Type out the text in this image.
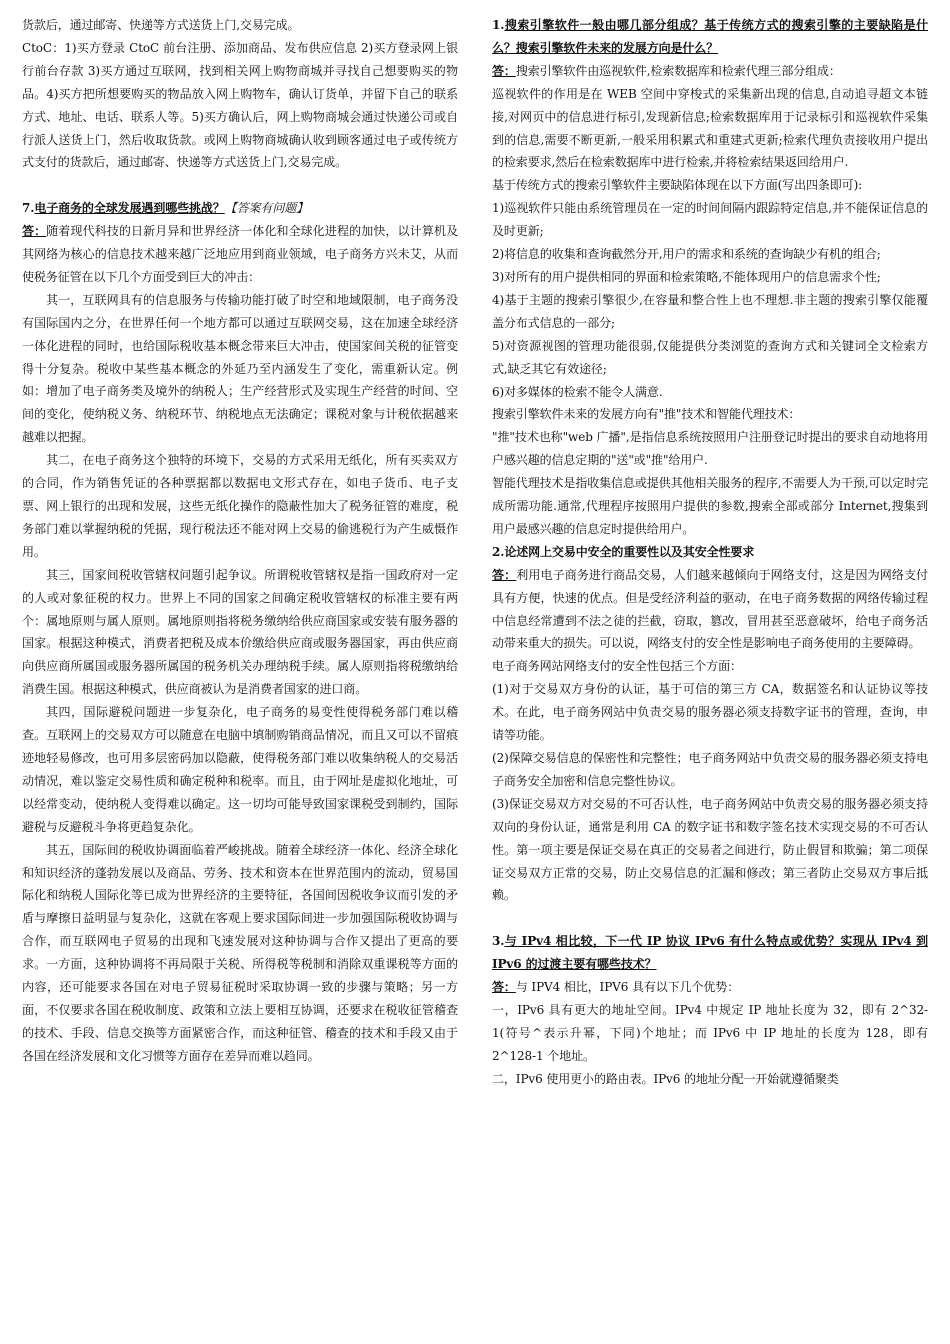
货款后，通过邮寄、快递等方式送货上门,交易完成。

CtoC：1)买方登录 CtoC 前台注册、添加商品、发布供应信息 2)买方登录网上银行前台存款 3)买方通过互联网，找到相关网上购物商城并寻找自己想要购买的物品。4)买方把所想要购买的物品放入网上购物车，确认订货单，并留下自己的联系方式、地址、电话、联系人等。5)买方确认后，网上购物商城会通过快递公司或自行派人送货上门，然后收取货款。或网上购物商城确认收到顾客通过电子或传统方式支付的货款后，通过邮寄、快递等方式送货上门,交易完成。

7.电子商务的全球发展遇到哪些挑战？【答案有问题】

答：随着现代科技的日新月异和世界经济一体化和全球化进程的加快，以计算机及其网络为核心的信息技术越来越广泛地应用到商业领域，电子商务方兴未艾，从而使税务征管在以下几个方面受到巨大的冲击：

其一，互联网具有的信息服务与传输功能打破了时空和地域限制，电子商务没有国际国内之分，在世界任何一个地方都可以通过互联网交易，这在加速全球经济一体化进程的同时，也给国际税收基本概念带来巨大冲击，使国家间关税的征管变得十分复杂。税收中某些基本概念的外延乃至内涵发生了变化，需重新认定。例如：增加了电子商务类及境外的纳税人；生产经营形式及实现生产经营的时间、空间的变化，使纳税义务、纳税环节、纳税地点无法确定；课税对象与计税依据越来越难以把握。

其二，在电子商务这个独特的环境下，交易的方式采用无纸化，所有买卖双方的合同，作为销售凭证的各种票据都以数据电文形式存在，如电子货币、电子支票、网上银行的出现和发展，这些无纸化操作的隐蔽性加大了税务征管的难度，税务部门难以掌握纳税的凭据，现行税法还不能对网上交易的偷逃税行为产生威慑作用。

其三，国家间税收管辖权问题引起争议。所谓税收管辖权是指一国政府对一定的人或对象征税的权力。世界上不同的国家之间确定税收管辖权的标准主要有两个：属地原则与属人原则。属地原则指将税务缴纳给供应商国家或安装有服务器的国家。根据这种模式，消费者把税及成本价缴给供应商或服务器国家，再由供应商向供应商所属国或服务器所属国的税务机关办理纳税手续。属人原则指将税缴纳给消费生国。根据这种模式，供应商被认为是消费者国家的进口商。

其四，国际避税问题进一步复杂化，电子商务的易变性使得税务部门难以稽查。互联网上的交易双方可以随意在电脑中填制购销商品情况，而且又可以不留痕迹地轻易修改，也可用多层密码加以隐蔽，使得税务部门难以收集纳税人的交易活动情况，难以鉴定交易性质和确定税种和税率。而且，由于网址是虚拟化地址，可以经常变动，使纳税人变得难以确定。这一切均可能导致国家课税受到制约，国际避税与反避税斗争将更趋复杂化。

其五，国际间的税收协调面临着严峻挑战。随着全球经济一体化、经济全球化和知识经济的蓬勃发展以及商品、劳务、技术和资本在世界范围内的流动，贸易国际化和纳税人国际化等已成为世界经济的主要特征，各国间因税收争议而引发的矛盾与摩擦日益明显与复杂化，这就在客观上要求国际间进一步加强国际税收协调与合作，而互联网电子贸易的出现和飞速发展对这种协调与合作又提出了更高的要求。一方面，这种协调将不再局限于关税、所得税等税制和消除双重课税等方面的内容，还可能要求各国在对电子贸易征税时采取协调一致的步骤与策略；另一方面，不仅要求各国在税收制度、政策和立法上要相互协调，还要求在税收征管稽查的技术、手段、信息交换等方面紧密合作，而这种征管、稽查的技术和手段又由于各国在经济发展和文化习惯等方面存在差异而难以趋同。

1.搜索引擎软件一般由哪几部分组成？基于传统方式的搜索引擎的主要缺陷是什么？搜索引擎软件未来的发展方向是什么？

答：搜索引擎软件由巡视软件,检索数据库和检索代理三部分组成：

巡视软件的作用是在 WEB 空间中穿梭式的采集新出现的信息,自动追寻超文本链接,对网页中的信息进行标引,发现新信息;检索数据库用于记录标引和巡视软件采集到的信息,需要不断更新,一般采用积累式和重建式更新;检索代理负责接收用户提出的检索要求,然后在检索数据库中进行检索,并将检索结果返回给用户.

基于传统方式的搜索引擎软件主要缺陷体现在以下方面(写出四条即可):

1)巡视软件只能由系统管理员在一定的时间间隔内跟踪特定信息,并不能保证信息的及时更新;

2)将信息的收集和查询截然分开,用户的需求和系统的查询缺少有机的组合;

3)对所有的用户提供相同的界面和检索策略,不能体现用户的信息需求个性;

4)基于主题的搜索引擎很少,在容量和整合性上也不理想.非主题的搜索引擎仅能覆盖分布式信息的一部分;

5)对资源视图的管理功能很弱,仅能提供分类浏览的查询方式和关键词全文检索方式,缺乏其它有效途径;

6)对多媒体的检索不能令人满意.

搜索引擎软件未来的发展方向有"推"技术和智能代理技术：

"推"技术也称"web 广播",是指信息系统按照用户注册登记时提出的要求自动地将用户感兴趣的信息定期的"送"或"推"给用户.

智能代理技术是指收集信息或提供其他相关服务的程序,不需要人为干预,可以定时完成所需功能.通常,代理程序按照用户提供的参数,搜索全部或部分 Internet,搜集到用户最感兴趣的信息定时提供给用户。

2.论述网上交易中安全的重要性以及其安全性要求

答：利用电子商务进行商品交易，人们越来越倾向于网络支付，这是因为网络支付具有方便，快速的优点。但是受经济利益的驱动，在电子商务数据的网络传输过程中信息经常遭到不法之徒的拦截，窃取，篡改，冒用甚至恶意破坏，给电子商务活动带来重大的损失。可以说，网络支付的安全性是影响电子商务使用的主要障碍。

电子商务网站网络支付的安全性包括三个方面：

(1)对于交易双方身份的认证，基于可信的第三方 CA，数据签名和认证协议等技术。在此，电子商务网站中负责交易的服务器必须支持数字证书的管理，查询，申请等功能。

(2)保障交易信息的保密性和完整性；电子商务网站中负责交易的服务器必须支持电子商务安全加密和信息完整性协议。

(3)保证交易双方对交易的不可否认性，电子商务网站中负责交易的服务器必须支持双向的身份认证，通常是利用 CA 的数字证书和数字签名技术实现交易的不可否认性。第一项主要是保证交易在真正的交易者之间进行，防止假冒和欺骗；第二项保证交易双方正常的交易，防止交易信息的汇漏和修改；第三者防止交易双方事后抵赖。

3.与 IPv4 相比较，下一代 IP 协议 IPv6 有什么特点或优势？实现从 IPv4 到 IPv6 的过渡主要有哪些技术？

答：与 IPV4 相比，IPV6 具有以下几个优势：

一，IPv6 具有更大的地址空间。IPv4 中规定 IP 地址长度为 32，即有 2^32-1(符号^表示升幂，下同)个地址；而 IPv6 中 IP 地址的长度为 128，即有 2^128-1 个地址。

二，IPv6 使用更小的路由表。IPv6 的地址分配一开始就遵循聚类
